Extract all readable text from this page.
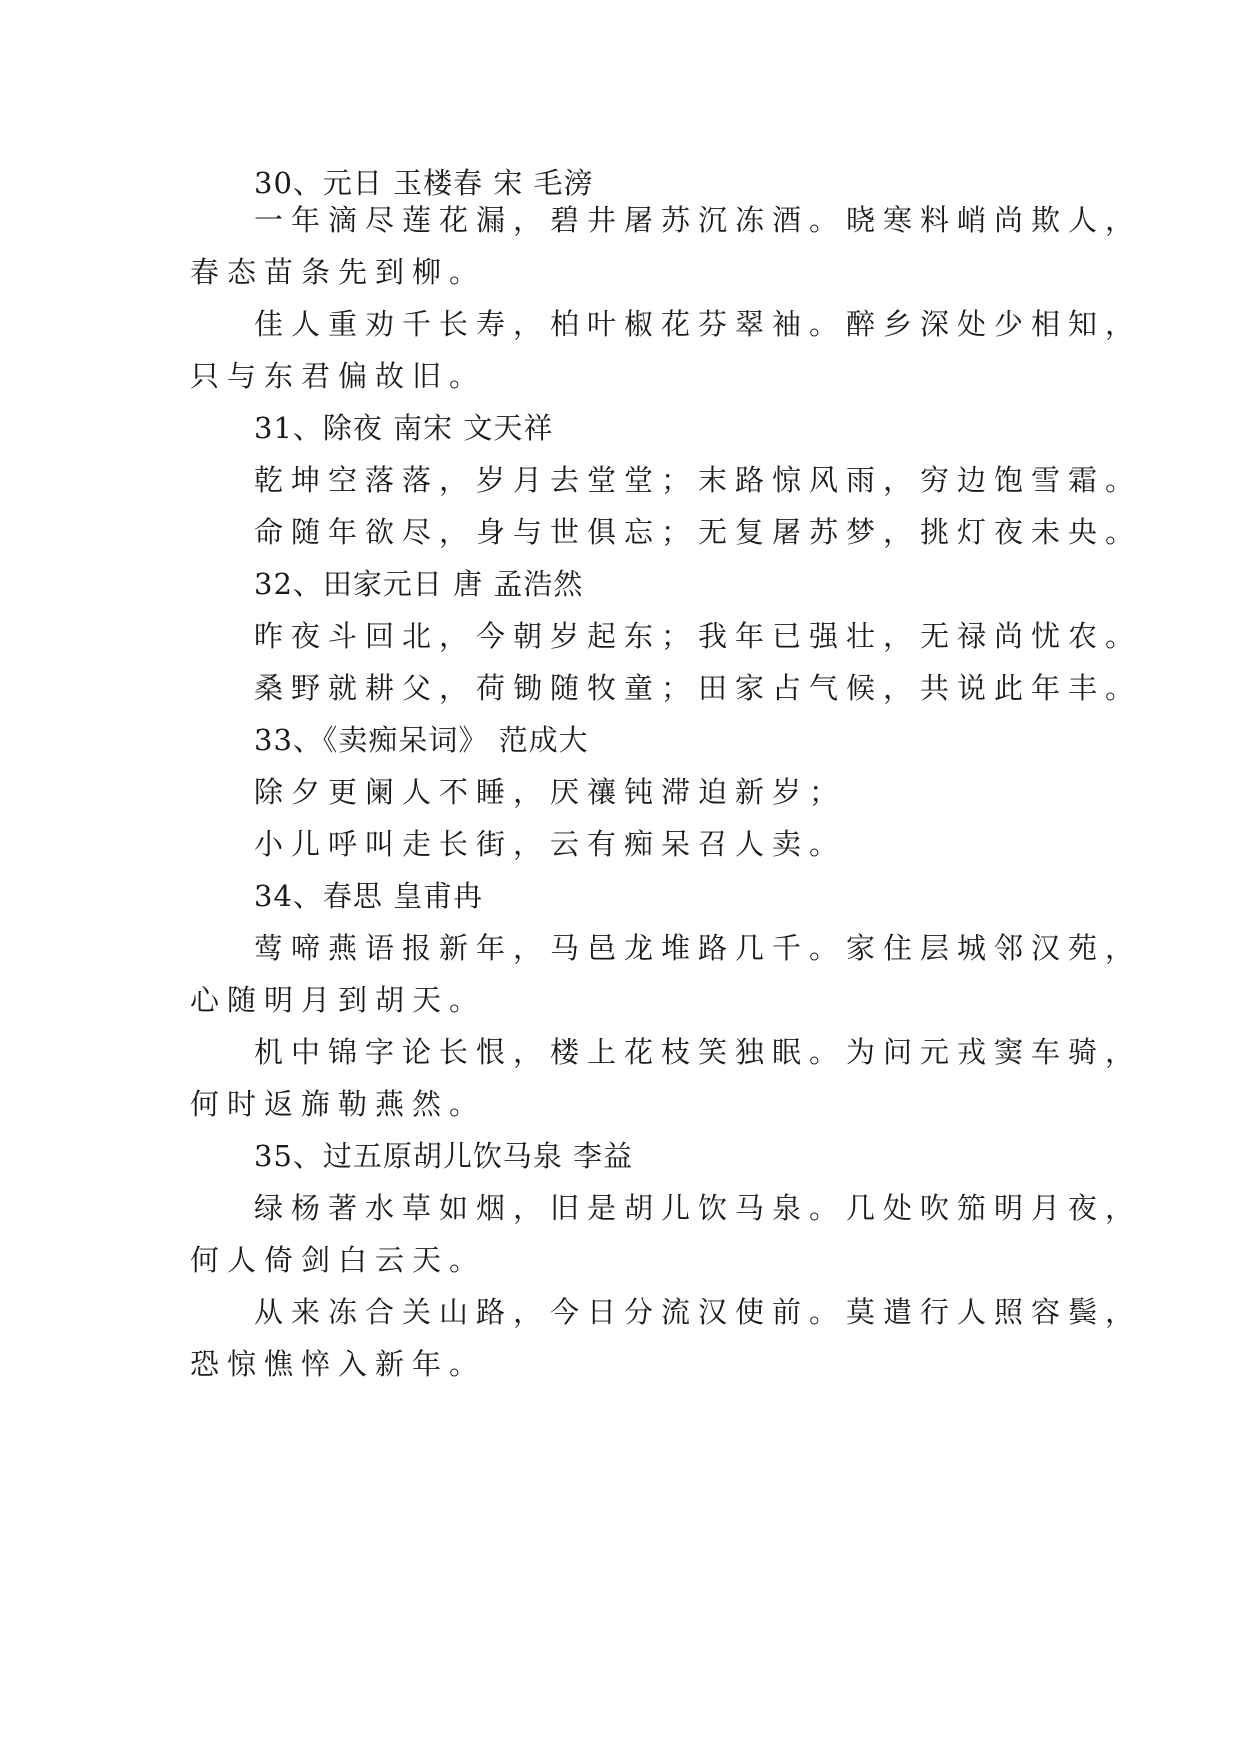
30、元日 玉楼春 宋 毛滂
一年滴尽莲花漏，碧井屠苏沉冻酒。晓寒料峭尚欺人，
春态苗条先到柳。
佳人重劝千长寿，柏叶椒花芬翠袖。醉乡深处少相知，
只与东君偏故旧。
31、除夜 南宋 文天祥
乾坤空落落，岁月去堂堂；末路惊风雨，穷边饱雪霜。
命随年欲尽，身与世俱忘；无复屠苏梦，挑灯夜未央。
32、田家元日 唐 孟浩然
昨夜斗回北，今朝岁起东；我年已强壮，无禄尚忧农。
桑野就耕父，荷锄随牧童；田家占气候，共说此年丰。
33、《卖痴呆词》 范成大
除夕更阑人不睡，厌禳钝滞迫新岁；
小儿呼叫走长街，云有痴呆召人卖。
34、春思 皇甫冉
莺啼燕语报新年，马邑龙堆路几千。家住层城邻汉苑，
心随明月到胡天。
机中锦字论长恨，楼上花枝笑独眠。为问元戎窦车骑，
何时返旆勒燕然。
35、过五原胡儿饮马泉 李益
绿杨著水草如烟，旧是胡儿饮马泉。几处吹笳明月夜，
何人倚剑白云天。
从来冻合关山路，今日分流汉使前。莫遣行人照容鬓，
恐惊憔悴入新年。
